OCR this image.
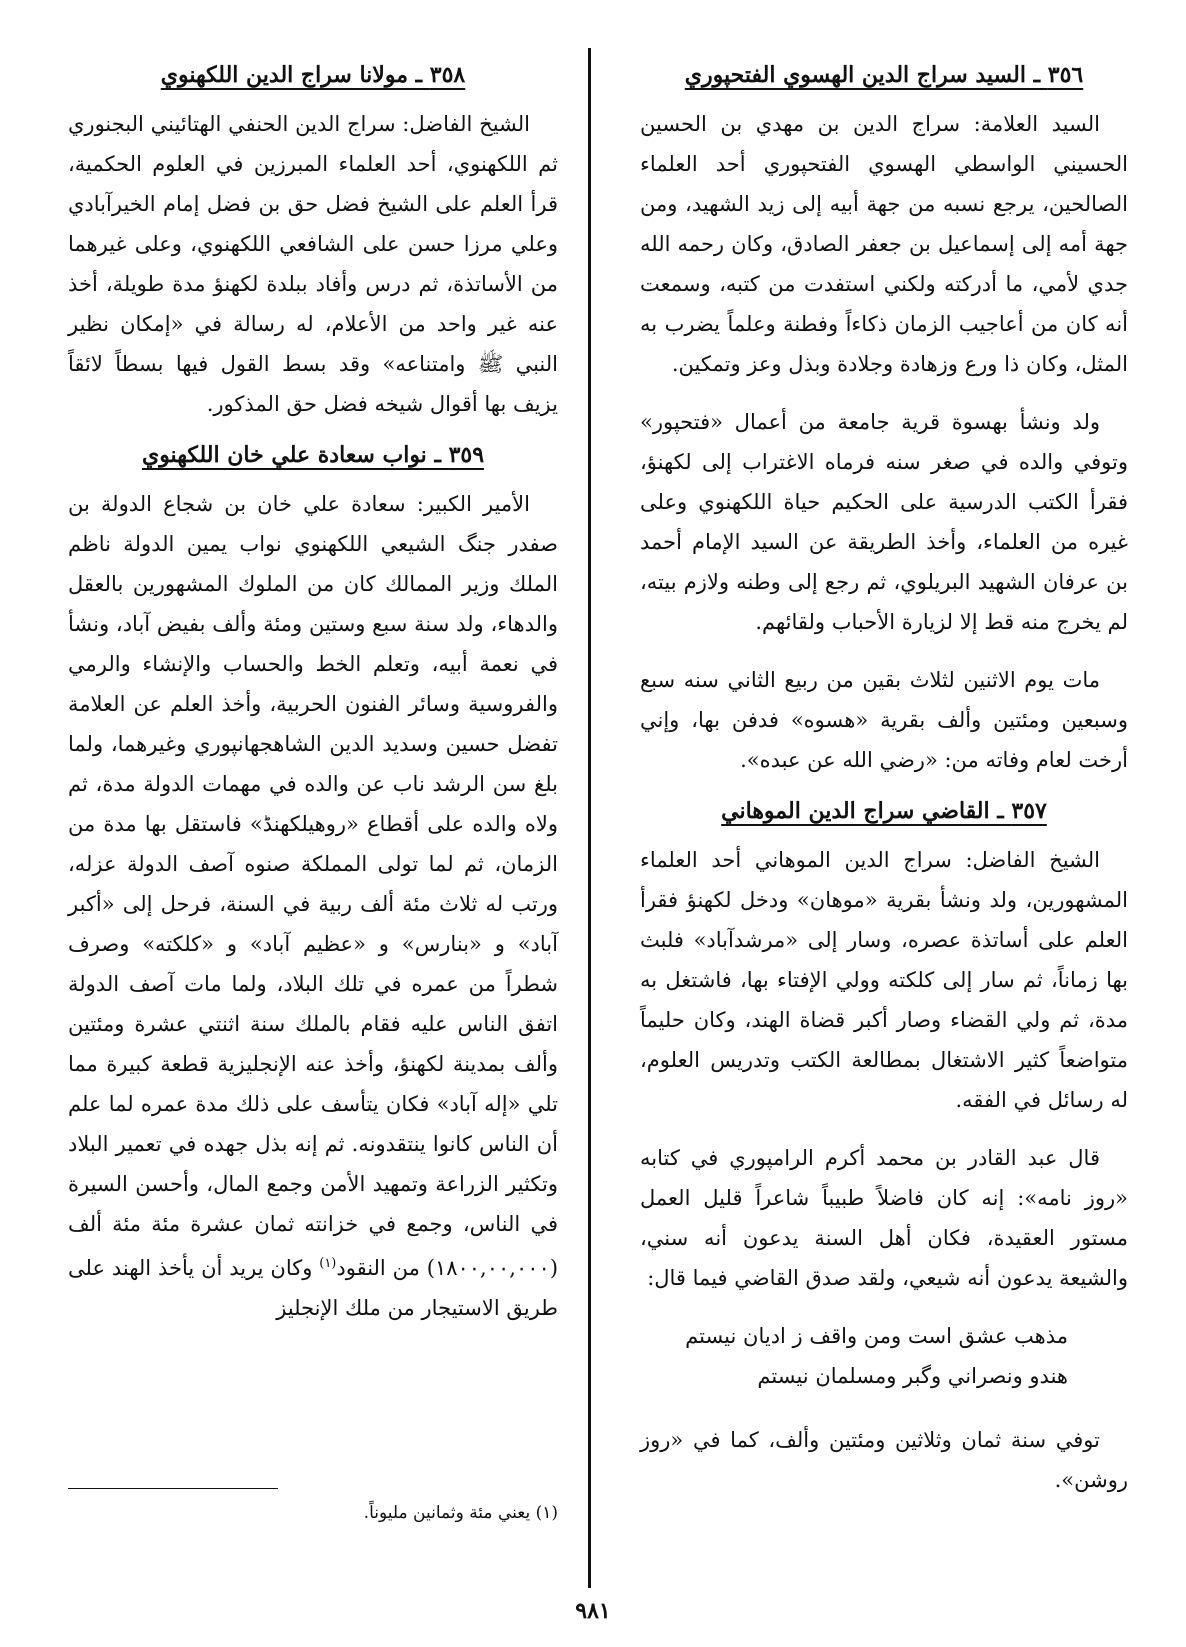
٣٥٦ ـ السيد سراج الدين الهسوي الفتحپوري

السيد العلامة: سراج الدين بن مهدي بن الحسين الحسيني الواسطي الهسوي الفتحپوري أحد العلماء الصالحين، يرجع نسبه من جهة أبيه إلى زيد الشهيد، ومن جهة أمه إلى إسماعيل بن جعفر الصادق، وكان رحمه الله جدي لأمي، ما أدركته ولكني استفدت من كتبه، وسمعت أنه كان من أعاجيب الزمان ذكاءاً وفطنة وعلماً يضرب به المثل، وكان ذا ورع وزهادة وجلادة وبذل وعز وتمكين.

ولد ونشأ بهسوة قرية جامعة من أعمال «فتحپور» وتوفي والده في صغر سنه فرماه الاغتراب إلى لكهنؤ، فقرأ الكتب الدرسية على الحكيم حياة اللكهنوي وعلى غيره من العلماء، وأخذ الطريقة عن السيد الإمام أحمد بن عرفان الشهيد البريلوي، ثم رجع إلى وطنه ولازم بيته، لم يخرج منه قط إلا لزيارة الأحباب ولقائهم.

مات يوم الاثنين لثلاث بقين من ربيع الثاني سنه سبع وسبعين ومئتين وألف بقرية «هسوه» فدفن بها، وإني أرخت لعام وفاته من: «رضي الله عن عبده».

٣٥٧ ـ القاضي سراج الدين الموهاني

الشيخ الفاضل: سراج الدين الموهاني أحد العلماء المشهورين، ولد ونشأ بقرية «موهان» ودخل لكهنؤ فقرأ العلم على أساتذة عصره، وسار إلى «مرشدآباد» فلبث بها زماناً، ثم سار إلى كلكته وولي الإفتاء بها، فاشتغل به مدة، ثم ولي القضاء وصار أكبر قضاة الهند، وكان حليماً متواضعاً كثير الاشتغال بمطالعة الكتب وتدريس العلوم، له رسائل في الفقه.

قال عبد القادر بن محمد أكرم الرامپوري في كتابه «روز نامه»: إنه كان فاضلاً طبيباً شاعراً قليل العمل مستور العقيدة، فكان أهل السنة يدعون أنه سني، والشيعة يدعون أنه شيعي، ولقد صدق القاضي فيما قال:

مذهب عشق است ومن واقف ز اديان نيستم
هندو ونصراني وگبر ومسلمان نيستم

توفي سنة ثمان وثلاثين ومئتين وألف، كما في «روز روشن».

٣٥٨ ـ مولانا سراج الدين اللكهنوي

الشيخ الفاضل: سراج الدين الحنفي الهتائيني البجنوري ثم اللكهنوي، أحد العلماء المبرزين في العلوم الحكمية، قرأ العلم على الشيخ فضل حق بن فضل إمام الخيرآبادي وعلي مرزا حسن على الشافعي اللكهنوي، وعلى غيرهما من الأساتذة، ثم درس وأفاد ببلدة لكهنؤ مدة طويلة، أخذ عنه غير واحد من الأعلام، له رسالة في «إمكان نظير النبي ﷺ وامتناعه» وقد بسط القول فيها بسطاً لائقاً يزيف بها أقوال شيخه فضل حق المذكور.

٣٥٩ ـ نواب سعادة علي خان اللكهنوي

الأمير الكبير: سعادة علي خان بن شجاع الدولة بن صفدر جنگ الشيعي اللكهنوي نواب يمين الدولة ناظم الملك وزير الممالك كان من الملوك المشهورين بالعقل والدهاء، ولد سنة سبع وستين ومئة وألف بفيض آباد، ونشأ في نعمة أبيه، وتعلم الخط والحساب والإنشاء والرمي والفروسية وسائر الفنون الحربية، وأخذ العلم عن العلامة تفضل حسين وسديد الدين الشاهجهانپوري وغيرهما، ولما بلغ سن الرشد ناب عن والده في مهمات الدولة مدة، ثم ولاه والده على أقطاع «روهيلكهنڈ» فاستقل بها مدة من الزمان، ثم لما تولى المملكة صنوه آصف الدولة عزله، ورتب له ثلاث مئة ألف ربية في السنة، فرحل إلى «أكبر آباد» و «بنارس» و «عظيم آباد» و «كلكته» وصرف شطراً من عمره في تلك البلاد، ولما مات آصف الدولة اتفق الناس عليه فقام بالملك سنة اثنتي عشرة ومئتين وألف بمدينة لكهنؤ، وأخذ عنه الإنجليزية قطعة كبيرة مما تلي «إله آباد» فكان يتأسف على ذلك مدة عمره لما علم أن الناس كانوا ينتقدونه. ثم إنه بذل جهده في تعمير البلاد وتكثير الزراعة وتمهيد الأمن وجمع المال، وأحسن السيرة في الناس، وجمع في خزانته ثمان عشرة مئة مئة ألف (١٨٠٠,٠٠,٠٠٠) من النقود$^{(١)}$ وكان يريد أن يأخذ الهند على طريق الاستيجار من ملك الإنجليز

(١) يعني مئة وثمانين مليوناً.
٩٨١
